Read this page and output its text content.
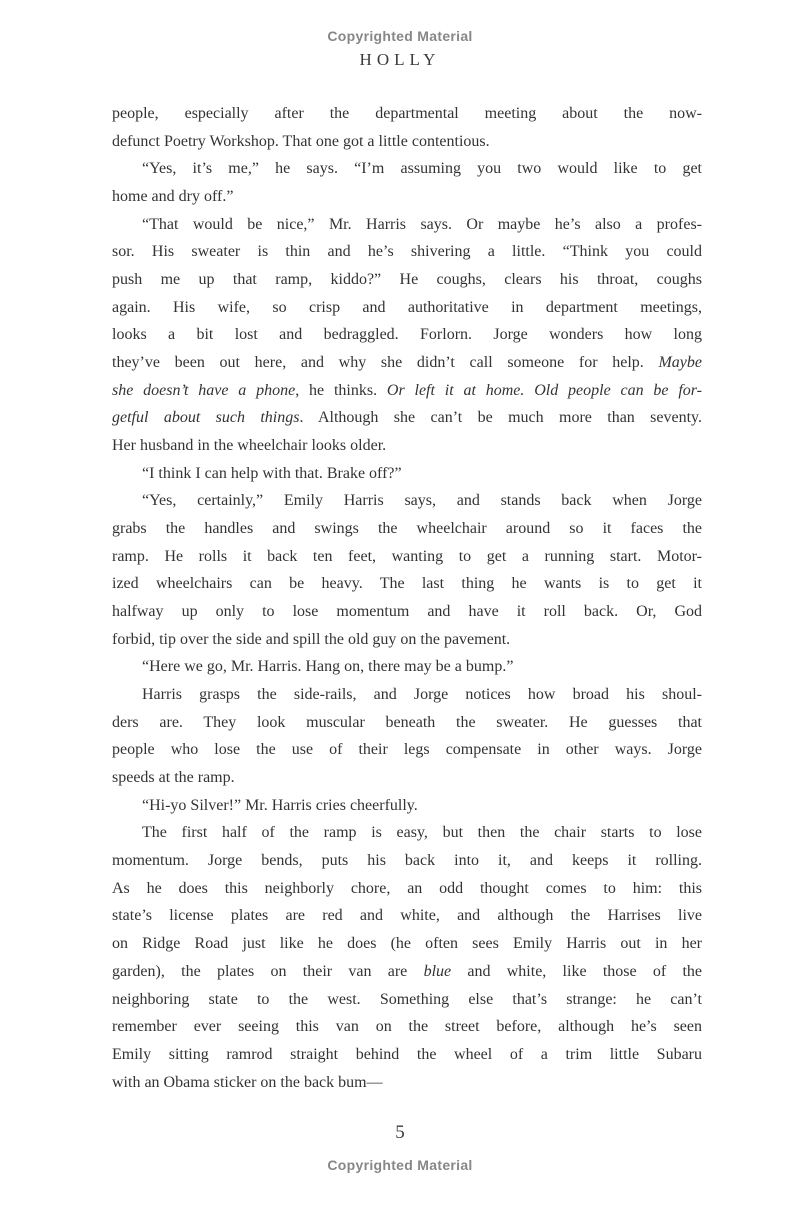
Copyrighted Material
HOLLY
people, especially after the departmental meeting about the now-
defunct Poetry Workshop. That one got a little contentious.
“Yes, it’s me,” he says. “I’m assuming you two would like to get
home and dry off.”
“That would be nice,” Mr. Harris says. Or maybe he’s also a profes-
sor. His sweater is thin and he’s shivering a little. “Think you could
push me up that ramp, kiddo?” He coughs, clears his throat, coughs
again. His wife, so crisp and authoritative in department meetings,
looks a bit lost and bedraggled. Forlorn. Jorge wonders how long
they’ve been out here, and why she didn’t call someone for help. Maybe
she doesn’t have a phone, he thinks. Or left it at home. Old people can be for-
getful about such things. Although she can’t be much more than seventy.
Her husband in the wheelchair looks older.
“I think I can help with that. Brake off?”
“Yes, certainly,” Emily Harris says, and stands back when Jorge
grabs the handles and swings the wheelchair around so it faces the
ramp. He rolls it back ten feet, wanting to get a running start. Motor-
ized wheelchairs can be heavy. The last thing he wants is to get it
halfway up only to lose momentum and have it roll back. Or, God
forbid, tip over the side and spill the old guy on the pavement.
“Here we go, Mr. Harris. Hang on, there may be a bump.”
Harris grasps the side-rails, and Jorge notices how broad his shoul-
ders are. They look muscular beneath the sweater. He guesses that
people who lose the use of their legs compensate in other ways. Jorge
speeds at the ramp.
“Hi-yo Silver!” Mr. Harris cries cheerfully.
The first half of the ramp is easy, but then the chair starts to lose
momentum. Jorge bends, puts his back into it, and keeps it rolling.
As he does this neighborly chore, an odd thought comes to him: this
state’s license plates are red and white, and although the Harrises live
on Ridge Road just like he does (he often sees Emily Harris out in her
garden), the plates on their van are blue and white, like those of the
neighboring state to the west. Something else that’s strange: he can’t
remember ever seeing this van on the street before, although he’s seen
Emily sitting ramrod straight behind the wheel of a trim little Subaru
with an Obama sticker on the back bum—
5
Copyrighted Material
